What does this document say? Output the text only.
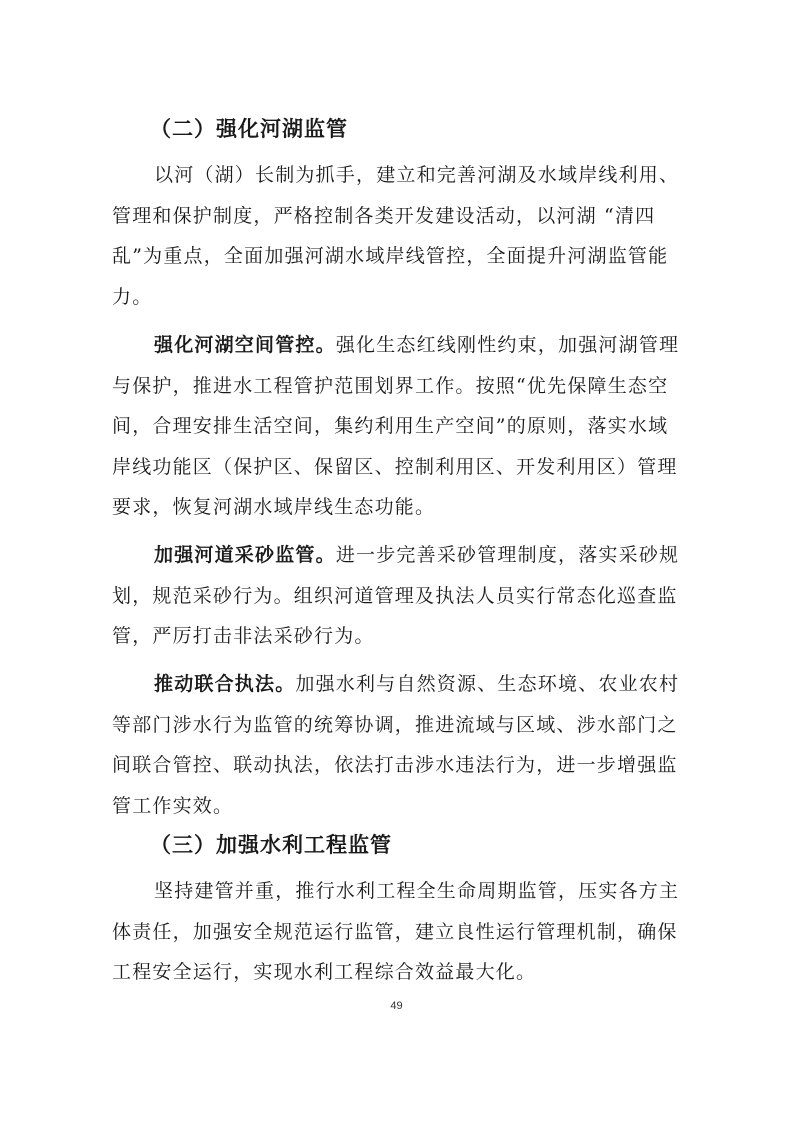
（二）强化河湖监管
以河（湖）长制为抓手，建立和完善河湖及水域岸线利用、
管理和保护制度，严格控制各类开发建设活动，以河湖 “清四
乱”为重点，全面加强河湖水域岸线管控，全面提升河湖监管能
力。
强化河湖空间管控。强化生态红线刚性约束，加强河湖管理
与保护，推进水工程管护范围划界工作。按照“优先保障生态空
间，合理安排生活空间，集约利用生产空间”的原则，落实水域
岸线功能区（保护区、保留区、控制利用区、开发利用区）管理
要求，恢复河湖水域岸线生态功能。
加强河道采砂监管。进一步完善采砂管理制度，落实采砂规
划，规范采砂行为。组织河道管理及执法人员实行常态化巡查监
管，严厉打击非法采砂行为。
推动联合执法。加强水利与自然资源、生态环境、农业农村
等部门涉水行为监管的统筹协调，推进流域与区域、涉水部门之
间联合管控、联动执法，依法打击涉水违法行为，进一步增强监
管工作实效。
（三）加强水利工程监管
坚持建管并重，推行水利工程全生命周期监管，压实各方主
体责任，加强安全规范运行监管，建立良性运行管理机制，确保
工程安全运行，实现水利工程综合效益最大化。
49
